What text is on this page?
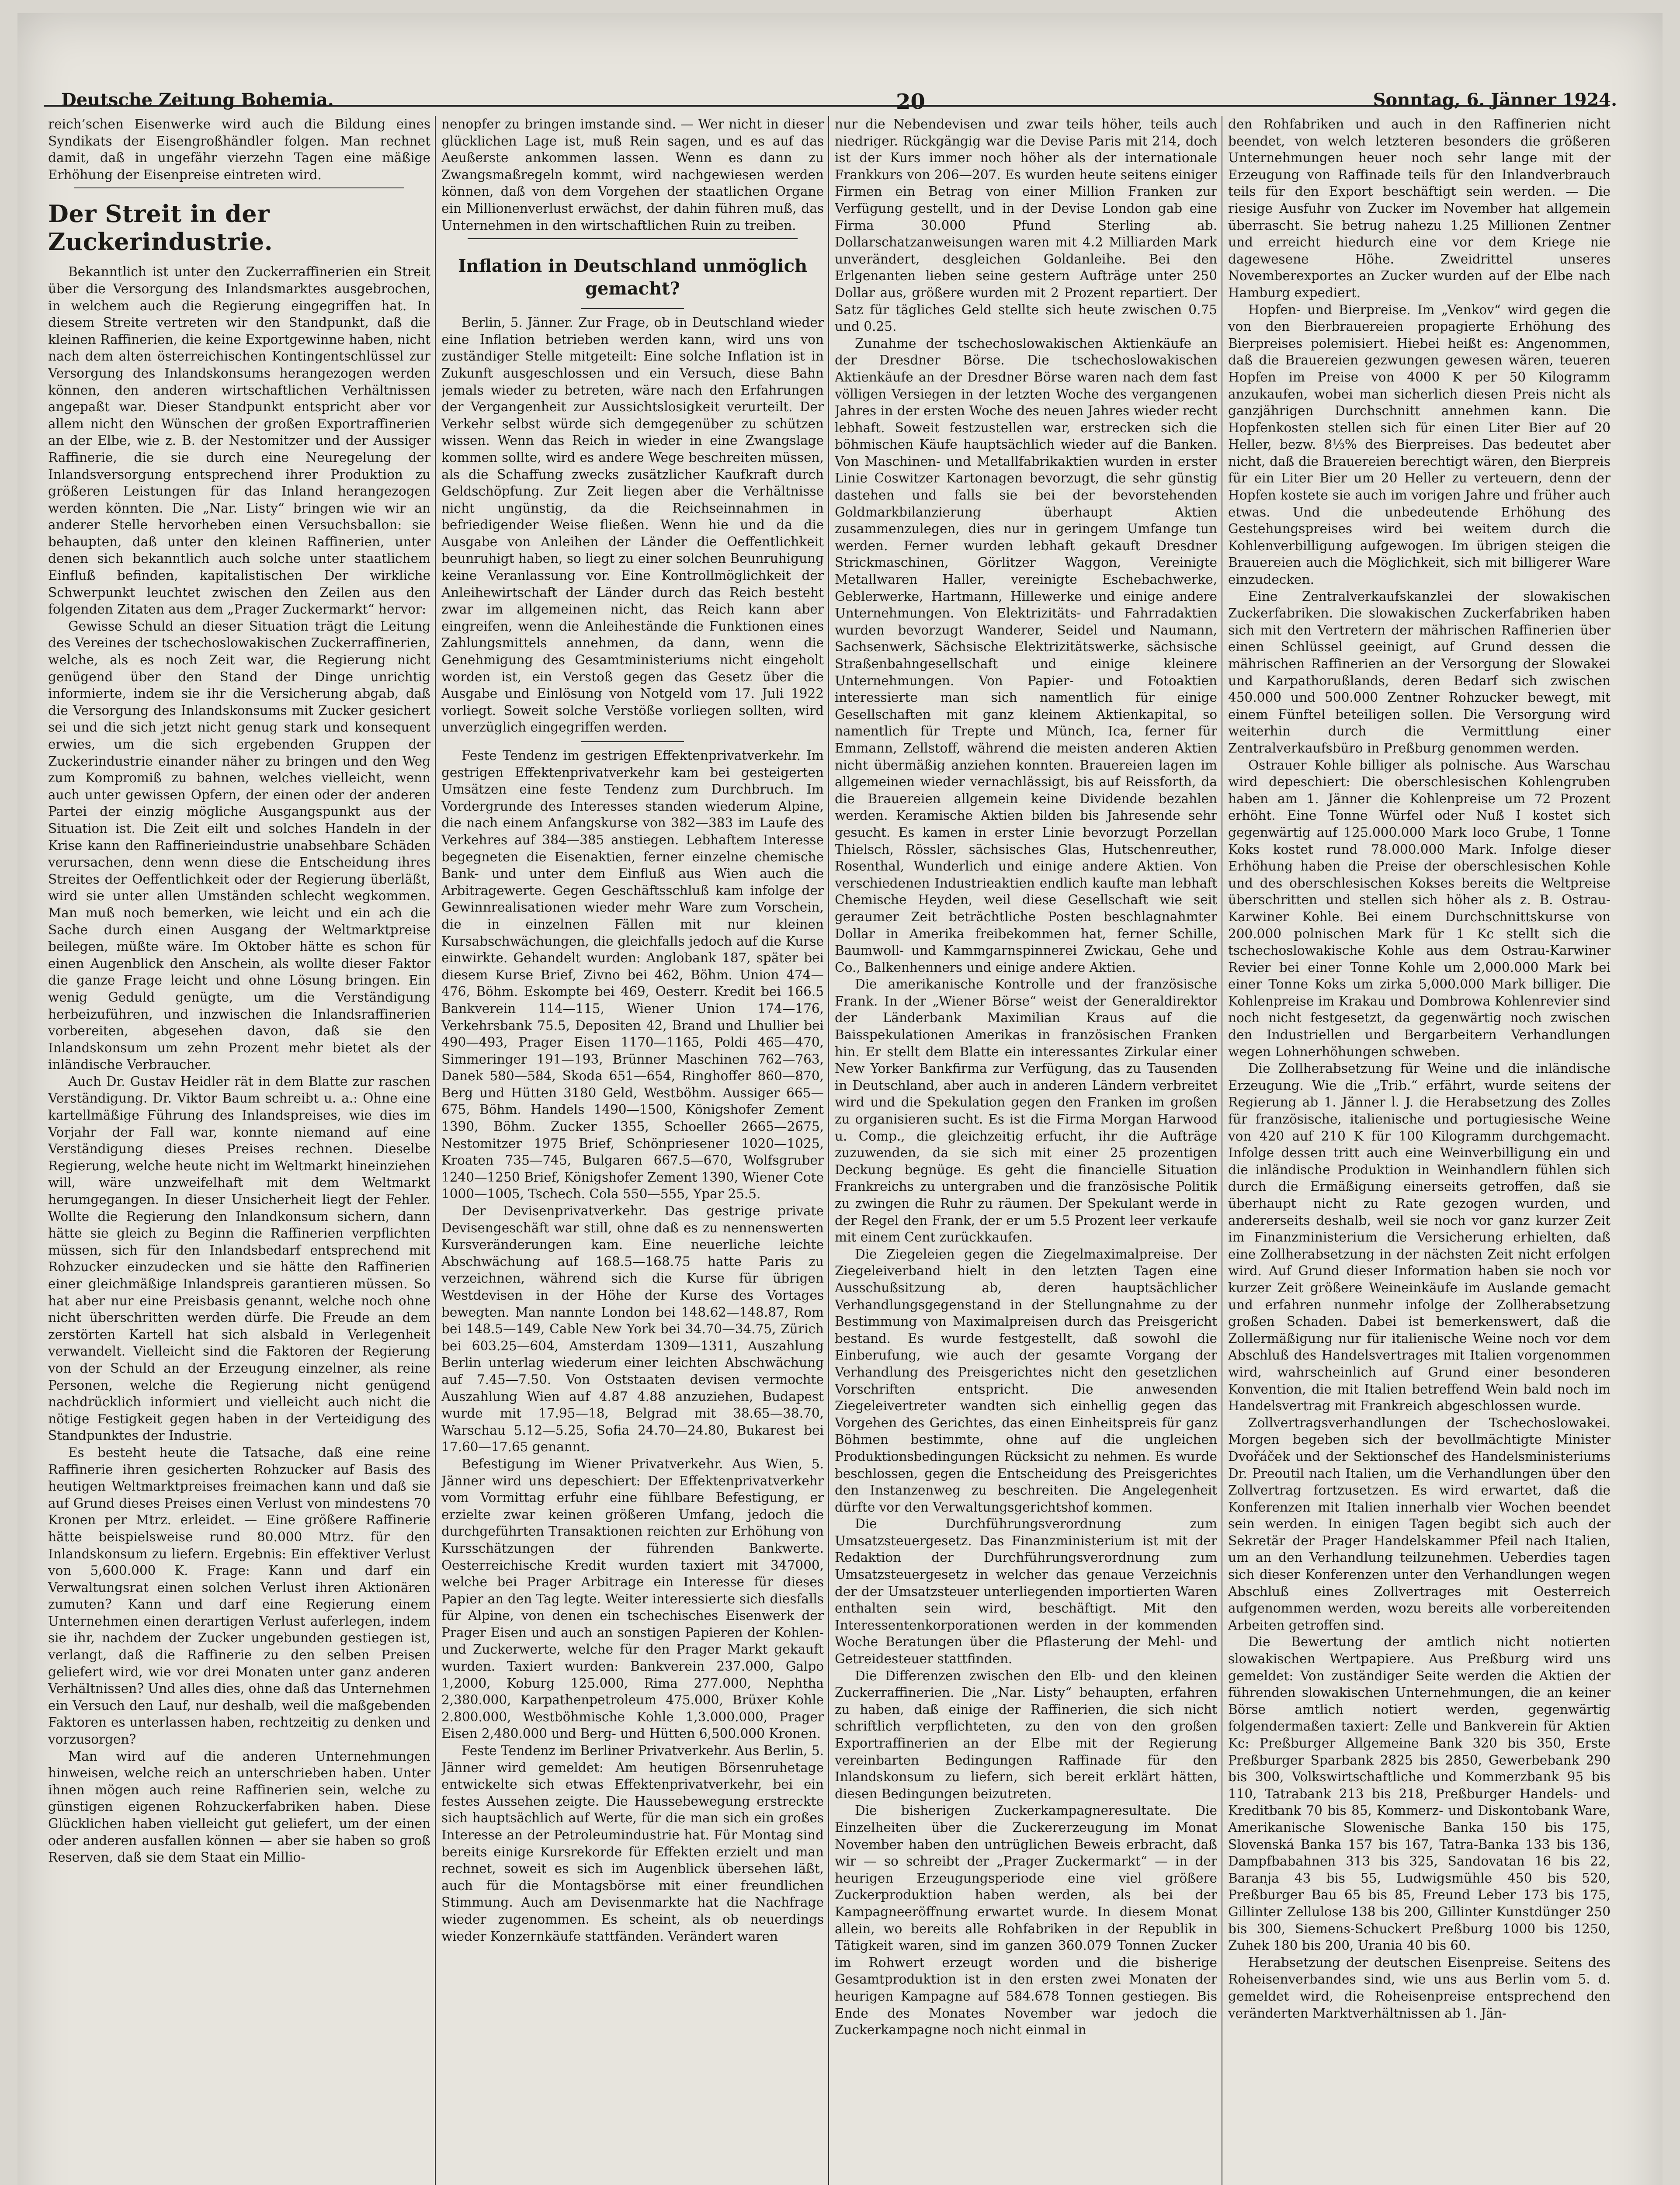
Deutsche Zeitung Bohemia.	20	Sonntag, 6. Jänner 1924.

reich’schen Eisenwerke wird auch die Bildung eines Syndikats der Eisengroßhändler folgen. Man rechnet damit, daß in ungefähr vierzehn Tagen eine mäßige Erhöhung der Eisenpreise eintreten wird.

Der Streit in der Zuckerindustrie.

Bekanntlich ist unter den Zuckerraffinerien ein Streit über die Versorgung des Inlandsmarktes ausgebrochen, in welchem auch die Regierung eingegriffen hat. In diesem Streite vertreten wir den Standpunkt, daß die kleinen Raffinerien, die keine Exportgewinne haben, nicht nach dem alten österreichischen Kontingentschlüssel zur Versorgung des Inlandskonsums herangezogen werden können, den anderen wirtschaftlichen Verhältnissen angepaßt war. Dieser Standpunkt entspricht aber vor allem nicht den Wünschen der großen Exportraffinerien an der Elbe, wie z. B. der Nestomitzer und der Aussiger Raffinerie, die sie durch eine Neuregelung der Inlandsversorgung entsprechend ihrer Produktion zu größeren Leistungen für das Inland herangezogen werden könnten. Die „Nar. Listy“ bringen wie wir an anderer Stelle hervorheben einen Versuchsballon: sie behaupten, daß unter den kleinen Raffinerien, unter denen sich bekanntlich auch solche unter staatlichem Einfluß befinden, kapitalistischen Der wirkliche Schwerpunkt leuchtet zwischen den Zeilen aus den folgenden Zitaten aus dem „Prager Zuckermarkt“ hervor:

Gewisse Schuld an dieser Situation trägt die Leitung des Vereines der tschechoslowakischen Zuckerraffinerien, welche, als es noch Zeit war, die Regierung nicht genügend über den Stand der Dinge unrichtig informierte, indem sie ihr die Versicherung abgab, daß die Versorgung des Inlandskonsums mit Zucker gesichert sei und die sich jetzt nicht genug stark und konsequent erwies, um die sich ergebenden Gruppen der Zuckerindustrie einander näher zu bringen und den Weg zum Kompromiß zu bahnen, welches vielleicht, wenn auch unter gewissen Opfern, der einen oder der anderen Partei der einzig mögliche Ausgangspunkt aus der Situation ist. Die Zeit eilt und solches Handeln in der Krise kann den Raffinerieindustrie unabsehbare Schäden verursachen, denn wenn diese die Entscheidung ihres Streites der Oeffentlichkeit oder der Regierung überläßt, wird sie unter allen Umständen schlecht wegkommen. Man muß noch bemerken, wie leicht und ein ach die Sache durch einen Ausgang der Weltmarktpreise beilegen, müßte wäre. Im Oktober hätte es schon für einen Augenblick den Anschein, als wollte dieser Faktor die ganze Frage leicht und ohne Lösung bringen. Ein wenig Geduld genügte, um die Verständigung herbeizuführen, und inzwischen die Inlandsraffinerien vorbereiten, abgesehen davon, daß sie den Inlandskonsum um zehn Prozent mehr bietet als der inländische Verbraucher.

Auch Dr. Gustav Heidler rät in dem Blatte zur raschen Verständigung. Dr. Viktor Baum schreibt u. a.: Ohne eine kartellmäßige Führung des Inlandspreises, wie dies im Vorjahr der Fall war, konnte niemand auf eine Verständigung dieses Preises rechnen. Dieselbe Regierung, welche heute nicht im Weltmarkt hineinziehen will, wäre unzweifelhaft mit dem Weltmarkt herumgegangen. In dieser Unsicherheit liegt der Fehler. Wollte die Regierung den Inlandkonsum sichern, dann hätte sie gleich zu Beginn die Raffinerien verpflichten müssen, sich für den Inlandsbedarf entsprechend mit Rohzucker einzudecken und sie hätte den Raffinerien einer gleichmäßige Inlandspreis garantieren müssen. So hat aber nur eine Preisbasis genannt, welche noch ohne nicht überschritten werden dürfe. Die Freude an dem zerstörten Kartell hat sich alsbald in Verlegenheit verwandelt. Vielleicht sind die Faktoren der Regierung von der Schuld an der Erzeugung einzelner, als reine Personen, welche die Regierung nicht genügend nachdrücklich informiert und vielleicht auch nicht die nötige Festigkeit gegen haben in der Verteidigung des Standpunktes der Industrie.

Es besteht heute die Tatsache, daß eine reine Raffinerie ihren gesicherten Rohzucker auf Basis des heutigen Weltmarktpreises freimachen kann und daß sie auf Grund dieses Preises einen Verlust von mindestens 70 Kronen per Mtrz. erleidet. — Eine größere Raffinerie hätte beispielsweise rund 80.000 Mtrz. für den Inlandskonsum zu liefern. Ergebnis: Ein effektiver Verlust von 5,600.000 K. Frage: Kann und darf ein Verwaltungsrat einen solchen Verlust ihren Aktionären zumuten? Kann und darf eine Regierung einem Unternehmen einen derartigen Verlust auferlegen, indem sie ihr, nachdem der Zucker ungebunden gestiegen ist, verlangt, daß die Raffinerie zu den selben Preisen geliefert wird, wie vor drei Monaten unter ganz anderen Verhältnissen? Und alles dies, ohne daß das Unternehmen ein Versuch den Lauf, nur deshalb, weil die maßgebenden Faktoren es unterlassen haben, rechtzeitig zu denken und vorzusorgen?

Man wird auf die anderen Unternehmungen hinweisen, welche reich an unterschrieben haben. Unter ihnen mögen auch reine Raffinerien sein, welche zu günstigen eigenen Rohzuckerfabriken haben. Diese Glücklichen haben vielleicht gut geliefert, um der einen oder anderen ausfallen können — aber sie haben so groß Reserven, daß sie dem Staat ein Millio-

nenopfer zu bringen imstande sind. — Wer nicht in dieser glücklichen Lage ist, muß Rein sagen, und es auf das Aeußerste ankommen lassen. Wenn es dann zu Zwangsmaßregeln kommt, wird nachgewiesen werden können, daß von dem Vorgehen der staatlichen Organe ein Millionenverlust erwächst, der dahin führen muß, das Unternehmen in den wirtschaftlichen Ruin zu treiben.

Inflation in Deutschland unmöglich gemacht?

Berlin, 5. Jänner. Zur Frage, ob in Deutschland wieder eine Inflation betrieben werden kann, wird uns von zuständiger Stelle mitgeteilt: Eine solche Inflation ist in Zukunft ausgeschlossen und ein Versuch, diese Bahn jemals wieder zu betreten, wäre nach den Erfahrungen der Vergangenheit zur Aussichtslosigkeit verurteilt. Der Verkehr selbst würde sich demgegenüber zu schützen wissen. Wenn das Reich in wieder in eine Zwangslage kommen sollte, wird es andere Wege beschreiten müssen, als die Schaffung zwecks zusätzlicher Kaufkraft durch Geldschöpfung. Zur Zeit liegen aber die Verhältnisse nicht ungünstig, da die Reichseinnahmen in befriedigender Weise fließen. Wenn hie und da die Ausgabe von Anleihen der Länder die Oeffentlichkeit beunruhigt haben, so liegt zu einer solchen Beunruhigung keine Veranlassung vor. Eine Kontrollmöglichkeit der Anleihewirtschaft der Länder durch das Reich besteht zwar im allgemeinen nicht, das Reich kann aber eingreifen, wenn die Anleihestände die Funktionen eines Zahlungsmittels annehmen, da dann, wenn die Genehmigung des Gesamtministeriums nicht eingeholt worden ist, ein Verstoß gegen das Gesetz über die Ausgabe und Einlösung von Notgeld vom 17. Juli 1922 vorliegt. Soweit solche Verstöße vorliegen sollten, wird unverzüglich eingegriffen werden.

Feste Tendenz im gestrigen Effektenprivatverkehr. Im gestrigen Effektenprivatverkehr kam bei gesteigerten Umsätzen eine feste Tendenz zum Durchbruch. Im Vordergrunde des Interesses standen wiederum Alpine, die nach einem Anfangskurse von 382—383 im Laufe des Verkehres auf 384—385 anstiegen. Lebhaftem Interesse begegneten die Eisenaktien, ferner einzelne chemische Bank- und unter dem Einfluß aus Wien auch die Arbitragewerte. Gegen Geschäftsschluß kam infolge der Gewinnrealisationen wieder mehr Ware zum Vorschein, die in einzelnen Fällen mit nur kleinen Kursabschwächungen, die gleichfalls jedoch auf die Kurse einwirkte. Gehandelt wurden: Anglobank 187, später bei diesem Kurse Brief, Zivno bei 462, Böhm. Union 474—476, Böhm. Eskompte bei 469, Oesterr. Kredit bei 166.5 Bankverein 114—115, Wiener Union 174—176, Verkehrsbank 75.5, Depositen 42, Brand und Lhullier bei 490—493, Prager Eisen 1170—1165, Poldi 465—470, Simmeringer 191—193, Brünner Maschinen 762—763, Danek 580—584, Skoda 651—654, Ringhoffer 860—870, Berg und Hütten 3180 Geld, Westböhm. Aussiger 665—675, Böhm. Handels 1490—1500, Königshofer Zement 1390, Böhm. Zucker 1355, Schoeller 2665—2675, Nestomitzer 1975 Brief, Schönpriesener 1020—1025, Kroaten 735—745, Bulgaren 667.5—670, Wolfsgruber 1240—1250 Brief, Königshofer Zement 1390, Wiener Cote 1000—1005, Tschech. Cola 550—555, Ypar 25.5.

Der Devisenprivatverkehr. Das gestrige private Devisengeschäft war still, ohne daß es zu nennenswerten Kursveränderungen kam. Eine neuerliche leichte Abschwächung auf 168.5—168.75 hatte Paris zu verzeichnen, während sich die Kurse für übrigen Westdevisen in der Höhe der Kurse des Vortages bewegten. Man nannte London bei 148.62—148.87, Rom bei 148.5—149, Cable New York bei 34.70—34.75, Zürich bei 603.25—604, Amsterdam 1309—1311, Auszahlung Berlin unterlag wiederum einer leichten Abschwächung auf 7.45—7.50. Von Oststaaten devisen vermochte Auszahlung Wien auf 4.87 4.88 anzuziehen, Budapest wurde mit 17.95—18, Belgrad mit 38.65—38.70, Warschau 5.12—5.25, Sofia 24.70—24.80, Bukarest bei 17.60—17.65 genannt.

Befestigung im Wiener Privatverkehr. Aus Wien, 5. Jänner wird uns depeschiert: Der Effektenprivatverkehr vom Vormittag erfuhr eine fühlbare Befestigung, er erzielte zwar keinen größeren Umfang, jedoch die durchgeführten Transaktionen reichten zur Erhöhung von Kursschätzungen der führenden Bankwerte. Oesterreichische Kredit wurden taxiert mit 347000, welche bei Prager Arbitrage ein Interesse für dieses Papier an den Tag legte. Weiter interessierte sich diesfalls für Alpine, von denen ein tschechisches Eisenwerk der Prager Eisen und auch an sonstigen Papieren der Kohlen- und Zuckerwerte, welche für den Prager Markt gekauft wurden. Taxiert wurden: Bankverein 237.000, Galpo 1,2000, Koburg 125.000, Rima 277.000, Nephtha 2,380.000, Karpathenpetroleum 475.000, Brüxer Kohle 2.800.000, Westböhmische Kohle 1,3.000.000, Prager Eisen 2,480.000 und Berg- und Hütten 6,500.000 Kronen.

Feste Tendenz im Berliner Privatverkehr. Aus Berlin, 5. Jänner wird gemeldet: Am heutigen Börsenruhetage entwickelte sich etwas Effektenprivatverkehr, bei ein festes Aussehen zeigte. Die Haussebewegung erstreckte sich hauptsächlich auf Werte, für die man sich ein großes Interesse an der Petroleumindustrie hat. Für Montag sind bereits einige Kursrekorde für Effekten erzielt und man rechnet, soweit es sich im Augenblick übersehen läßt, auch für die Montagsbörse mit einer freundlichen Stimmung. Auch am Devisenmarkte hat die Nachfrage wieder zugenommen. Es scheint, als ob neuerdings wieder Konzernkäufe stattfänden. Verändert waren

nur die Nebendevisen und zwar teils höher, teils auch niedriger. Rückgängig war die Devise Paris mit 214, doch ist der Kurs immer noch höher als der internationale Frankkurs von 206—207. Es wurden heute seitens einiger Firmen ein Betrag von einer Million Franken zur Verfügung gestellt, und in der Devise London gab eine Firma 30.000 Pfund Sterling ab. Dollarschatzanweisungen waren mit 4.2 Milliarden Mark unverändert, desgleichen Goldanleihe. Bei den Erlgenanten lieben seine gestern Aufträge unter 250 Dollar aus, größere wurden mit 2 Prozent repartiert. Der Satz für tägliches Geld stellte sich heute zwischen 0.75 und 0.25.

Zunahme der tschechoslowakischen Aktienkäufe an der Dresdner Börse. Die tschechoslowakischen Aktienkäufe an der Dresdner Börse waren nach dem fast völligen Versiegen in der letzten Woche des vergangenen Jahres in der ersten Woche des neuen Jahres wieder recht lebhaft. Soweit festzustellen war, erstrecken sich die böhmischen Käufe hauptsächlich wieder auf die Banken. Von Maschinen- und Metallfabrikaktien wurden in erster Linie Coswitzer Kartonagen bevorzugt, die sehr günstig dastehen und falls sie bei der bevorstehenden Goldmarkbilanzierung überhaupt Aktien zusammenzulegen, dies nur in geringem Umfange tun werden. Ferner wurden lebhaft gekauft Dresdner Strickmaschinen, Görlitzer Waggon, Vereinigte Metallwaren Haller, vereinigte Eschebachwerke, Geblerwerke, Hartmann, Hillewerke und einige andere Unternehmungen. Von Elektrizitäts- und Fahrradaktien wurden bevorzugt Wanderer, Seidel und Naumann, Sachsenwerk, Sächsische Elektrizitätswerke, sächsische Straßenbahngesellschaft und einige kleinere Unternehmungen. Von Papier- und Fotoaktien interessierte man sich namentlich für einige Gesellschaften mit ganz kleinem Aktienkapital, so namentlich für Trepte und Münch, Ica, ferner für Emmann, Zellstoff, während die meisten anderen Aktien nicht übermäßig anziehen konnten. Brauereien lagen im allgemeinen wieder vernachlässigt, bis auf Reissforth, da die Brauereien allgemein keine Dividende bezahlen werden. Keramische Aktien bilden bis Jahresende sehr gesucht. Es kamen in erster Linie bevorzugt Porzellan Thielsch, Rössler, sächsisches Glas, Hutschenreuther, Rosenthal, Wunderlich und einige andere Aktien. Von verschiedenen Industrieaktien endlich kaufte man lebhaft Chemische Heyden, weil diese Gesellschaft wie seit geraumer Zeit beträchtliche Posten beschlagnahmter Dollar in Amerika freibekommen hat, ferner Schille, Baumwoll- und Kammgarnspinnerei Zwickau, Gehe und Co., Balkenhenners und einige andere Aktien.

Die amerikanische Kontrolle und der französische Frank. In der „Wiener Börse“ weist der Generaldirektor der Länderbank Maximilian Kraus auf die Baisspekulationen Amerikas in französischen Franken hin. Er stellt dem Blatte ein interessantes Zirkular einer New Yorker Bankfirma zur Verfügung, das zu Tausenden in Deutschland, aber auch in anderen Ländern verbreitet wird und die Spekulation gegen den Franken im großen zu organisieren sucht. Es ist die Firma Morgan Harwood u. Comp., die gleichzeitig erfucht, ihr die Aufträge zuzuwenden, da sie sich mit einer 25 prozentigen Deckung begnüge. Es geht die financielle Situation Frankreichs zu untergraben und die französische Politik zu zwingen die Ruhr zu räumen. Der Spekulant werde in der Regel den Frank, der er um 5.5 Prozent leer verkaufe mit einem Cent zurückkaufen.

Die Ziegeleien gegen die Ziegelmaximalpreise. Der Ziegeleiverband hielt in den letzten Tagen eine Ausschußsitzung ab, deren hauptsächlicher Verhandlungsgegenstand in der Stellungnahme zu der Bestimmung von Maximalpreisen durch das Preisgericht bestand. Es wurde festgestellt, daß sowohl die Einberufung, wie auch der gesamte Vorgang der Verhandlung des Preisgerichtes nicht den gesetzlichen Vorschriften entspricht. Die anwesenden Ziegeleivertreter wandten sich einhellig gegen das Vorgehen des Gerichtes, das einen Einheitspreis für ganz Böhmen bestimmte, ohne auf die ungleichen Produktionsbedingungen Rücksicht zu nehmen. Es wurde beschlossen, gegen die Entscheidung des Preisgerichtes den Instanzenweg zu beschreiten. Die Angelegenheit dürfte vor den Verwaltungsgerichtshof kommen.

Die Durchführungsverordnung zum Umsatzsteuergesetz. Das Finanzministerium ist mit der Redaktion der Durchführungsverordnung zum Umsatzsteuergesetz in welcher das genaue Verzeichnis der der Umsatzsteuer unterliegenden importierten Waren enthalten sein wird, beschäftigt. Mit den Interessentenkorporationen werden in der kommenden Woche Beratungen über die Pflasterung der Mehl- und Getreidesteuer stattfinden.

Die Differenzen zwischen den Elb- und den kleinen Zuckerraffinerien. Die „Nar. Listy“ behaupten, erfahren zu haben, daß einige der Raffinerien, die sich nicht schriftlich verpflichteten, zu den von den großen Exportraffinerien an der Elbe mit der Regierung vereinbarten Bedingungen Raffinade für den Inlandskonsum zu liefern, sich bereit erklärt hätten, diesen Bedingungen beizutreten.

Die bisherigen Zuckerkampagneresultate. Die Einzelheiten über die Zuckererzeugung im Monat November haben den untrüglichen Beweis erbracht, daß wir — so schreibt der „Prager Zuckermarkt“ — in der heurigen Erzeugungsperiode eine viel größere Zuckerproduktion haben werden, als bei der Kampagneeröffnung erwartet wurde. In diesem Monat allein, wo bereits alle Rohfabriken in der Republik in Tätigkeit waren, sind im ganzen 360.079 Tonnen Zucker im Rohwert erzeugt worden und die bisherige Gesamtproduktion ist in den ersten zwei Monaten der heurigen Kampagne auf 584.678 Tonnen gestiegen. Bis Ende des Monates November war jedoch die Zuckerkampagne noch nicht einmal in

den Rohfabriken und auch in den Raffinerien nicht beendet, von welch letzteren besonders die größeren Unternehmungen heuer noch sehr lange mit der Erzeugung von Raffinade teils für den Inlandverbrauch teils für den Export beschäftigt sein werden. — Die riesige Ausfuhr von Zucker im November hat allgemein überrascht. Sie betrug nahezu 1.25 Millionen Zentner und erreicht hiedurch eine vor dem Kriege nie dagewesene Höhe. Zweidrittel unseres Novemberexportes an Zucker wurden auf der Elbe nach Hamburg expediert.

Hopfen- und Bierpreise. Im „Venkov“ wird gegen die von den Bierbrauereien propagierte Erhöhung des Bierpreises polemisiert. Hiebei heißt es: Angenommen, daß die Brauereien gezwungen gewesen wären, teueren Hopfen im Preise von 4000 K per 50 Kilogramm anzukaufen, wobei man sicherlich diesen Preis nicht als ganzjährigen Durchschnitt annehmen kann. Die Hopfenkosten stellen sich für einen Liter Bier auf 20 Heller, bezw. 8⅓% des Bierpreises. Das bedeutet aber nicht, daß die Brauereien berechtigt wären, den Bierpreis für ein Liter Bier um 20 Heller zu verteuern, denn der Hopfen kostete sie auch im vorigen Jahre und früher auch etwas. Und die unbedeutende Erhöhung des Gestehungspreises wird bei weitem durch die Kohlenverbilligung aufgewogen. Im übrigen steigen die Brauereien auch die Möglichkeit, sich mit billigerer Ware einzudecken.

Eine Zentralverkaufskanzlei der slowakischen Zuckerfabriken. Die slowakischen Zuckerfabriken haben sich mit den Vertretern der mährischen Raffinerien über einen Schlüssel geeinigt, auf Grund dessen die mährischen Raffinerien an der Versorgung der Slowakei und Karpathorußlands, deren Bedarf sich zwischen 450.000 und 500.000 Zentner Rohzucker bewegt, mit einem Fünftel beteiligen sollen. Die Versorgung wird weiterhin durch die Vermittlung einer Zentralverkaufsbüro in Preßburg genommen werden.

Ostrauer Kohle billiger als polnische. Aus Warschau wird depeschiert: Die oberschlesischen Kohlengruben haben am 1. Jänner die Kohlenpreise um 72 Prozent erhöht. Eine Tonne Würfel oder Nuß I kostet sich gegenwärtig auf 125.000.000 Mark loco Grube, 1 Tonne Koks kostet rund 78.000.000 Mark. Infolge dieser Erhöhung haben die Preise der oberschlesischen Kohle und des oberschlesischen Kokses bereits die Weltpreise überschritten und stellen sich höher als z. B. Ostrau-Karwiner Kohle. Bei einem Durchschnittskurse von 200.000 polnischen Mark für 1 Kc stellt sich die tschechoslowakische Kohle aus dem Ostrau-Karwiner Revier bei einer Tonne Kohle um 2,000.000 Mark bei einer Tonne Koks um zirka 5,000.000 Mark billiger. Die Kohlenpreise im Krakau und Dombrowa Kohlenrevier sind noch nicht festgesetzt, da gegenwärtig noch zwischen den Industriellen und Bergarbeitern Verhandlungen wegen Lohnerhöhungen schweben.

Die Zollherabsetzung für Weine und die inländische Erzeugung. Wie die „Trib.“ erfährt, wurde seitens der Regierung ab 1. Jänner l. J. die Herabsetzung des Zolles für französische, italienische und portugiesische Weine von 420 auf 210 K für 100 Kilogramm durchgemacht. Infolge dessen tritt auch eine Weinverbilligung ein und die inländische Produktion in Weinhandlern fühlen sich durch die Ermäßigung einerseits getroffen, daß sie überhaupt nicht zu Rate gezogen wurden, und andererseits deshalb, weil sie noch vor ganz kurzer Zeit im Finanzministerium die Versicherung erhielten, daß eine Zollherabsetzung in der nächsten Zeit nicht erfolgen wird. Auf Grund dieser Information haben sie noch vor kurzer Zeit größere Weineinkäufe im Auslande gemacht und erfahren nunmehr infolge der Zollherabsetzung großen Schaden. Dabei ist bemerkenswert, daß die Zollermäßigung nur für italienische Weine noch vor dem Abschluß des Handelsvertrages mit Italien vorgenommen wird, wahrscheinlich auf Grund einer besonderen Konvention, die mit Italien betreffend Wein bald noch im Handelsvertrag mit Frankreich abgeschlossen wurde.

Zollvertragsverhandlungen der Tschechoslowakei. Morgen begeben sich der bevollmächtigte Minister Dvořáček und der Sektionschef des Handelsministeriums Dr. Preoutil nach Italien, um die Verhandlungen über den Zollvertrag fortzusetzen. Es wird erwartet, daß die Konferenzen mit Italien innerhalb vier Wochen beendet sein werden. In einigen Tagen begibt sich auch der Sekretär der Prager Handelskammer Pfeil nach Italien, um an den Verhandlung teilzunehmen. Ueberdies tagen sich dieser Konferenzen unter den Verhandlungen wegen Abschluß eines Zollvertrages mit Oesterreich aufgenommen werden, wozu bereits alle vorbereitenden Arbeiten getroffen sind.

Die Bewertung der amtlich nicht notierten slowakischen Wertpapiere. Aus Preßburg wird uns gemeldet: Von zuständiger Seite werden die Aktien der führenden slowakischen Unternehmungen, die an keiner Börse amtlich notiert werden, gegenwärtig folgendermaßen taxiert: Zelle und Bankverein für Aktien Kc: Preßburger Allgemeine Bank 320 bis 350, Erste Preßburger Sparbank 2825 bis 2850, Gewerbebank 290 bis 300, Volkswirtschaftliche und Kommerzbank 95 bis 110, Tatrabank 213 bis 218, Preßburger Handels- und Kreditbank 70 bis 85, Kommerz- und Diskontobank Ware, Amerikanische Slowenische Banka 150 bis 175, Slovenská Banka 157 bis 167, Tatra-Banka 133 bis 136, Dampfbabahnen 313 bis 325, Sandovatan 16 bis 22, Baranja 43 bis 55, Ludwigsmühle 450 bis 520, Preßburger Bau 65 bis 85, Freund Leber 173 bis 175, Gillinter Zellulose 138 bis 200, Gillinter Kunstdünger 250 bis 300, Siemens-Schuckert Preßburg 1000 bis 1250, Zuhek 180 bis 200, Urania 40 bis 60.

Herabsetzung der deutschen Eisenpreise. Seitens des Roheisenverbandes sind, wie uns aus Berlin vom 5. d. gemeldet wird, die Roheisenpreise entsprechend den veränderten Marktverhältnissen ab 1. Jän-
